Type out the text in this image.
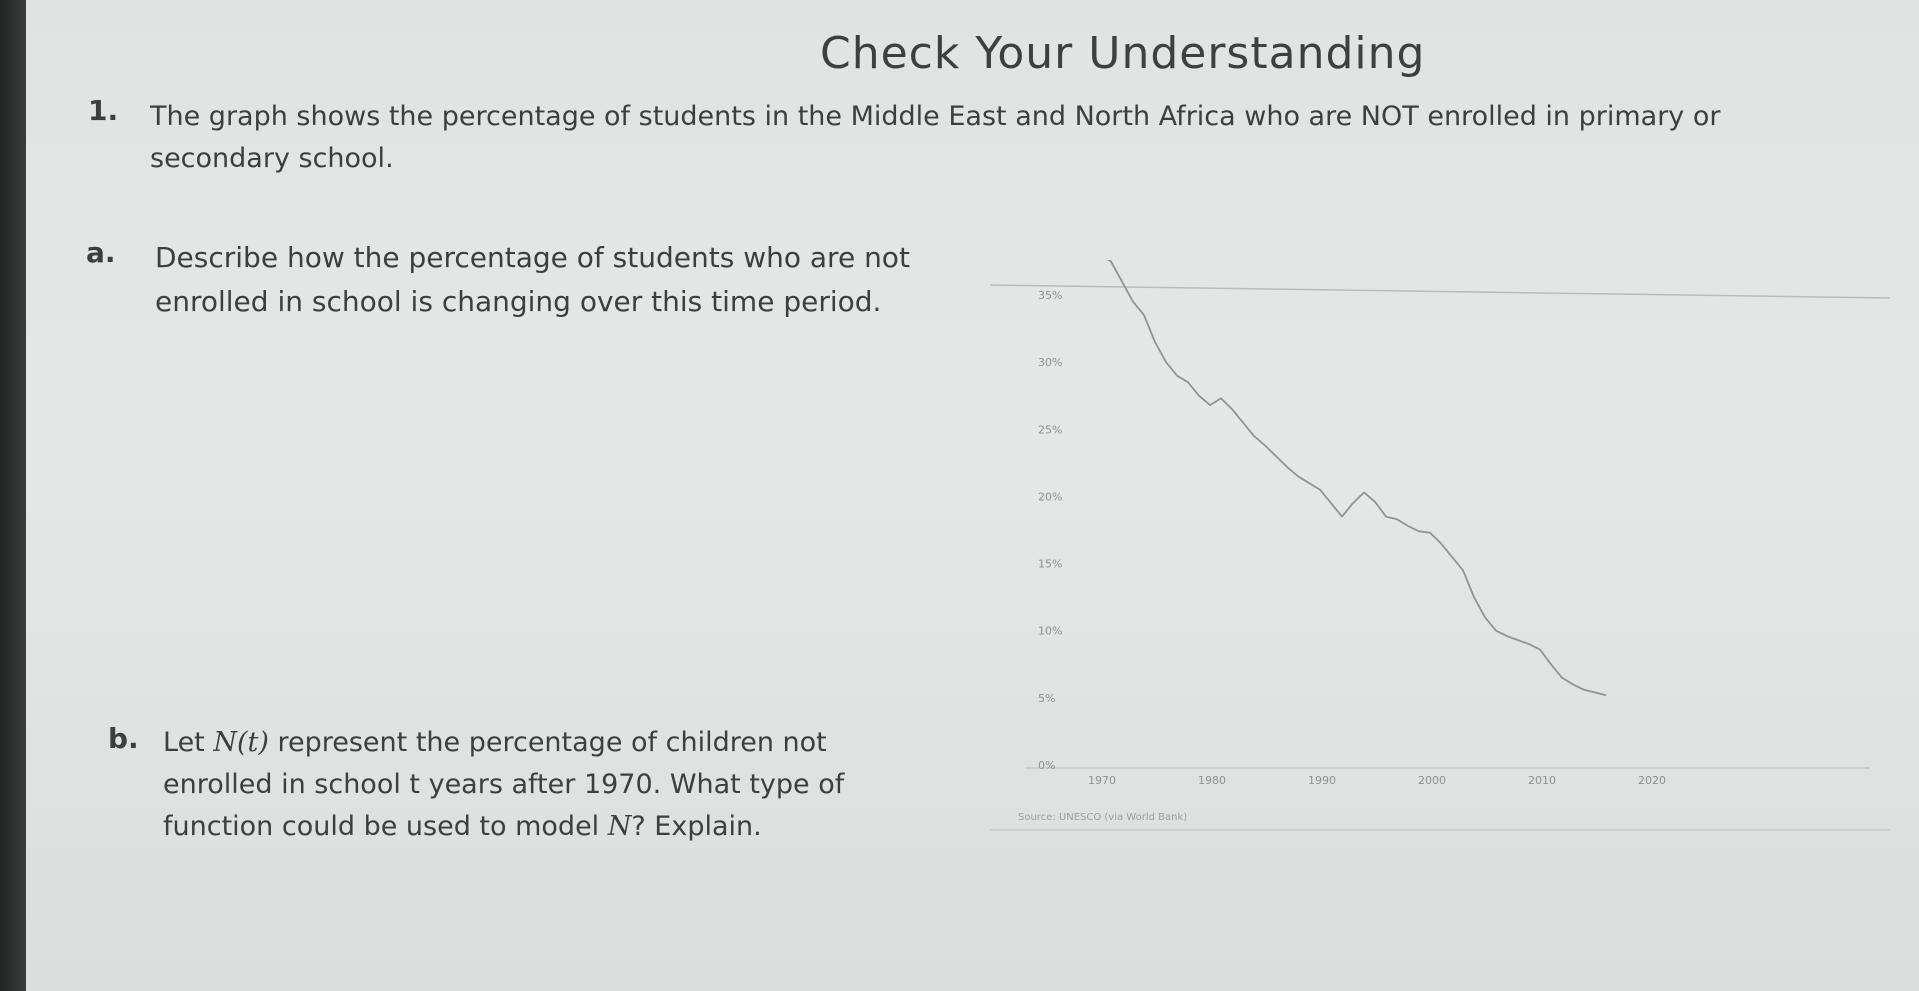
Check Your Understanding
1. The graph shows the percentage of students in the Middle East and North Africa who are NOT enrolled in primary or secondary school.
a. Describe how the percentage of students who are not enrolled in school is changing over this time period.
b. Let N(t) represent the percentage of children not enrolled in school t years after 1970. What type of function could be used to model N? Explain.
0%
5%
10%
15%
20%
25%
30%
35%
1970	1980	1990	2000	2010	2020
Source: UNESCO (via World Bank)
